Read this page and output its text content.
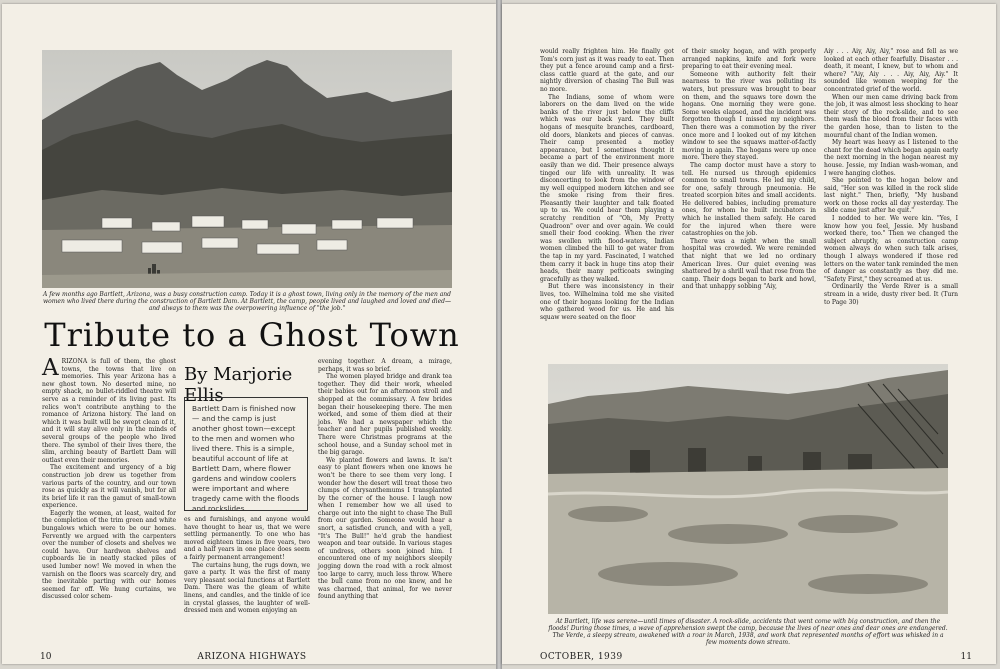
A few months ago Bartlett, Arizona, was a busy construction camp. Today it is a ghost town, living only in the memory of the men and women who lived there during the construction of Bartlett Dam. At Bartlett, the camp, people lived and laughed and loved and died—and always to them was the overpowering influence of "the job."
Tribute to a Ghost Town

ARIZONA is full of them, the ghost towns, the towns that live on memories. This year Arizona has a new ghost town. No deserted mine, no empty shack, no bullet-riddled theatre will serve as a reminder of its living past. Its relics won't contribute anything to the romance of Arizona history. The land on which it was built will be swept clean of it, and it will stay alive only in the minds of several groups of the people who lived there. The symbol of their lives there, the slim, arching beauty of Bartlett Dam will outlast even their memories.

The excitement and urgency of a big construction job drew us together from various parts of the country, and our town rose as quickly as it will vanish, but for all its brief life it ran the gamut of small-town experience.

Eagerly the women, at least, waited for the completion of the trim green and white bungalows which were to be our homes. Fervently we argued with the carpenters over the number of closets and shelves we could have. Our hardwon shelves and cupboards lie in neatly stacked piles of used lumber now! We moved in when the varnish on the floors was scarcely dry, and the inevitable parting with our homes seemed far off. We hung curtains, we discussed color schem-

By Marjorie Ellis
Bartlett Dam is finished now — and the camp is just another ghost town—except to the men and women who lived there. This is a simple, beautiful account of life at Bartlett Dam, where flower gardens and window coolers were important and where tragedy came with the floods and rockslides.

es and furnishings, and anyone would have thought to hear us, that we were settling permanently. To one who has moved eighteen times in five years, two and a half years in one place does seem a fairly permanent arrangement!

The curtains hung, the rugs down, we gave a party. It was the first of many very pleasant social functions at Bartlett Dam. There was the gleam of white linens, and candles, and the tinkle of ice in crystal glasses, the laughter of well-dressed men and women enjoying an

evening together. A dream, a mirage, perhaps, it was so brief.

The women played bridge and drank tea together. They did their work, wheeled their babies out for an afternoon stroll and shopped at the commissary. A few brides began their housekeeping there. The men worked, and some of them died at their jobs. We had a newspaper which the teacher and her pupils published weekly. There were Christmas programs at the school house, and a Sunday school met in the big garage.

We planted flowers and lawns. It isn't easy to plant flowers when one knows he won't be there to see them very long. I wonder how the desert will treat those two clumps of chrysanthemums I transplanted by the corner of the house. I laugh now when I remember how we all used to charge out into the night to chase The Bull from our garden. Someone would hear a snort, a satisfied crunch, and with a yell, "It's The Bull!" he'd grab the handiest weapon and tear outside. In various stages of undress, others soon joined him. I encountered one of my neighbors sleepily jogging down the road with a rock almost too large to carry, much less throw. Where the bull came from no one knew, and he was charmed, that animal, for we never found anything that

10	ARIZONA HIGHWAYS

would really frighten him. He finally got Tom's corn just as it was ready to eat. Then they put a fence around camp and a first-class cattle guard at the gate, and our nightly diversion of chasing The Bull was no more.

The Indians, some of whom were laborers on the dam lived on the wide banks of the river just below the cliffs which was our back yard. They built hogans of mesquite branches, cardboard, old doors, blankets and pieces of canvas. Their camp presented a motley appearance, but I sometimes thought it became a part of the environment more easily than we did. Their presence always tinged our life with unreality. It was disconcerting to look from the window of my well equipped modern kitchen and see the smoke rising from their fires. Pleasantly their laughter and talk floated up to us. We could hear them playing a scratchy rendition of "Oh, My Pretty Quadroon" over and over again. We could smell their food cooking. When the river was swollen with flood-waters, Indian women climbed the hill to get water from the tap in my yard. Fascinated, I watched them carry it back in huge tins atop their heads, their many petticoats swinging gracefully as they walked.

But there was inconsistency in their lives, too. Wilhelmina told me she visited one of their hogans looking for the Indian who gathered wood for us. He and his squaw were seated on the floor

of their smoky hogan, and with properly arranged napkins, knife and fork were preparing to eat their evening meal.

Someone with authority felt their nearness to the river was polluting its waters, but pressure was brought to bear on them, and the squaws tore down the hogans. One morning they were gone. Some weeks elapsed, and the incident was forgotten though I missed my neighbors. Then there was a commotion by the river once more and I looked out of my kitchen window to see the squaws matter-of-factly moving in again. The hogans were up once more. There they stayed.

The camp doctor must have a story to tell. He nursed us through epidemics common to small towns. He led my child, for one, safely through pneumonia. He treated scorpion bites and small accidents. He delivered babies, including premature ones, for whom he built incubators in which he installed them safely. He cared for the injured when there were catastrophies on the job.

There was a night when the small hospital was crowded. We were reminded that night that we led no ordinary American lives. Our quiet evening was shattered by a shrill wail that rose from the camp. Their dogs began to bark and howl, and that unhappy sobbing "Aiy,

Aiy . . . Aiy, Aiy, Aiy," rose and fell as we looked at each other fearfully. Disaster . . . death, it meant, I knew, but to whom and where? "Aiy, Aiy . . . Aiy, Aiy, Aiy." It sounded like women weeping for the concentrated grief of the world.

When our men came driving back from the job, it was almost less shocking to hear their story of the rock-slide, and to see them wash the blood from their faces with the garden hose, than to listen to the mournful chant of the Indian women.

My heart was heavy as I listened to the chant for the dead which began again early the next morning in the hogan nearest my house. Jessie, my Indian wash-woman, and I were hanging clothes.

She pointed to the hogan below and said, "Her son was killed in the rock slide last night." Then, briefly, "My husband work on those rocks all day yesterday. The slide came just after he quit."

I nodded to her. We were kin. "Yes, I know how you feel, Jessie. My husband worked there, too." Then we changed the subject abruptly, as construction camp women always do when such talk arises, though I always wondered if those red letters on the water tank reminded the men of danger as constantly as they did me. "Safety First," they screamed at us.

Ordinarily the Verde River is a small stream in a wide, dusty river bed. It (Turn to Page 30)

At Bartlett, life was serene—until times of disaster. A rock-slide, accidents that went come with big construction, and then the floods! During those times, a wave of apprehension swept the camp, because the lives of near ones and dear ones are endangered. The Verde, a sleepy stream, awakened with a roar in March, 1938, and work that represented months of effort was whisked in a few moments down stream.
OCTOBER, 1939	11
